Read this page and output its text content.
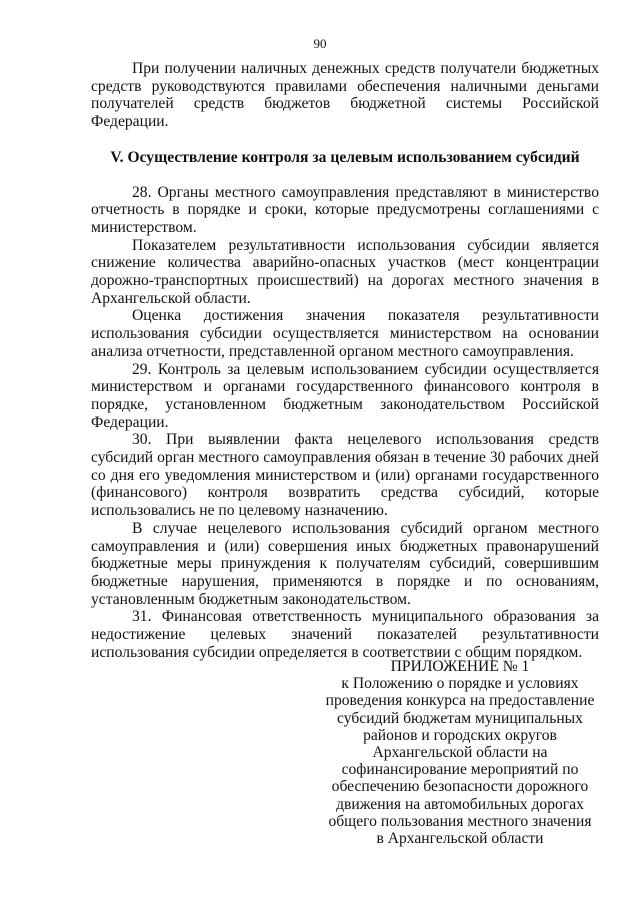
90

При получении наличных денежных средств получатели бюджетных средств руководствуются правилами обеспечения наличными деньгами получателей средств бюджетов бюджетной системы Российской Федерации.

V. Осуществление контроля за целевым использованием субсидий

28. Органы местного самоуправления представляют в министерство отчетность в порядке и сроки, которые предусмотрены соглашениями с министерством.

Показателем результативности использования субсидии является снижение количества аварийно-опасных участков (мест концентрации дорожно-транспортных происшествий) на дорогах местного значения в Архангельской области.

Оценка достижения значения показателя результативности использования субсидии осуществляется министерством на основании анализа отчетности, представленной органом местного самоуправления.

29. Контроль за целевым использованием субсидии осуществляется министерством и органами государственного финансового контроля в порядке, установленном бюджетным законодательством Российской Федерации.

30. При выявлении факта нецелевого использования средств субсидий орган местного самоуправления обязан в течение 30 рабочих дней со дня его уведомления министерством и (или) органами государственного (финансового) контроля возвратить средства субсидий, которые использовались не по целевому назначению.

В случае нецелевого использования субсидий органом местного самоуправления и (или) совершения иных бюджетных правонарушений бюджетные меры принуждения к получателям субсидий, совершившим бюджетные нарушения, применяются в порядке и по основаниям, установленным бюджетным законодательством.

31. Финансовая ответственность муниципального образования за недостижение целевых значений показателей результативности использования субсидии определяется в соответствии с общим порядком.

ПРИЛОЖЕНИЕ № 1
к Положению о порядке и условиях
проведения конкурса на предоставление
субсидий бюджетам муниципальных
районов и городских округов
Архангельской области на
софинансирование мероприятий по
обеспечению безопасности дорожного
движения на автомобильных дорогах
общего пользования местного значения
в Архангельской области
